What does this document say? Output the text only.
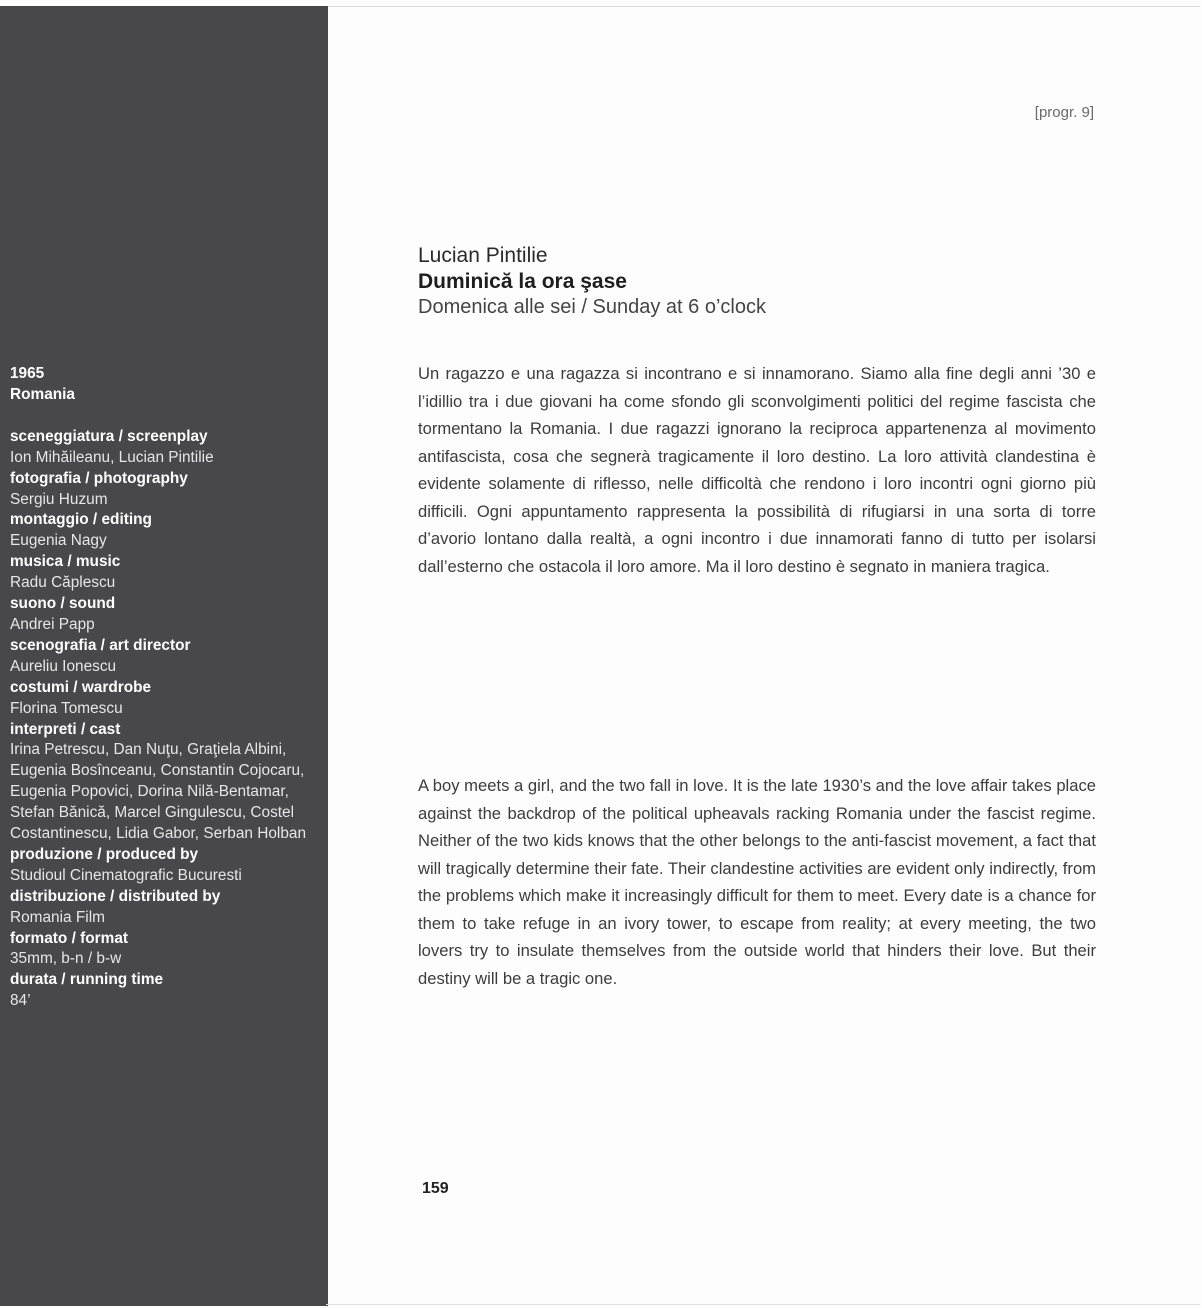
1965
Romania
sceneggiatura / screenplay
Ion Mihăileanu, Lucian Pintilie
fotografia / photography
Sergiu Huzum
montaggio / editing
Eugenia Nagy
musica / music
Radu Căplescu
suono / sound
Andrei Papp
scenografia / art director
Aureliu Ionescu
costumi / wardrobe
Florina Tomescu
interpreti / cast
Irina Petrescu, Dan Nuţu, Graţiela Albini, Eugenia Bosînceanu, Constantin Cojocaru, Eugenia Popovici, Dorina Nilă-Bentamar, Stefan Bănică, Marcel Gingulescu, Costel Costantinescu, Lidia Gabor, Serban Holban
produzione / produced by
Studioul Cinematografic Bucuresti
distribuzione / distributed by
Romania Film
formato / format
35mm, b-n / b-w
durata / running time
84’
[progr. 9]
Lucian Pintilie
Duminică la ora şase
Domenica alle sei / Sunday at 6 o’clock

Un ragazzo e una ragazza si incontrano e si innamorano. Siamo alla fine degli anni ’30 e l’idillio tra i due giovani ha come sfondo gli sconvolgimenti politici del regime fascista che tormentano la Romania. I due ragazzi ignorano la reciproca appartenenza al movimento antifascista, cosa che segnerà tragicamente il loro destino. La loro attività clandestina è evidente solamente di riflesso, nelle difficoltà che rendono i loro incontri ogni giorno più difficili. Ogni appuntamento rappresenta la possibilità di rifugiarsi in una sorta di torre d’avorio lontano dalla realtà, a ogni incontro i due innamorati fanno di tutto per isolarsi dall’esterno che ostacola il loro amore. Ma il loro destino è segnato in maniera tragica.

A boy meets a girl, and the two fall in love. It is the late 1930’s and the love affair takes place against the backdrop of the political upheavals racking Romania under the fascist regime. Neither of the two kids knows that the other belongs to the anti-fascist movement, a fact that will tragically determine their fate. Their clandestine activities are evident only indirectly, from the problems which make it increasingly difficult for them to meet. Every date is a chance for them to take refuge in an ivory tower, to escape from reality; at every meeting, the two lovers try to insulate themselves from the outside world that hinders their love. But their destiny will be a tragic one.

159
